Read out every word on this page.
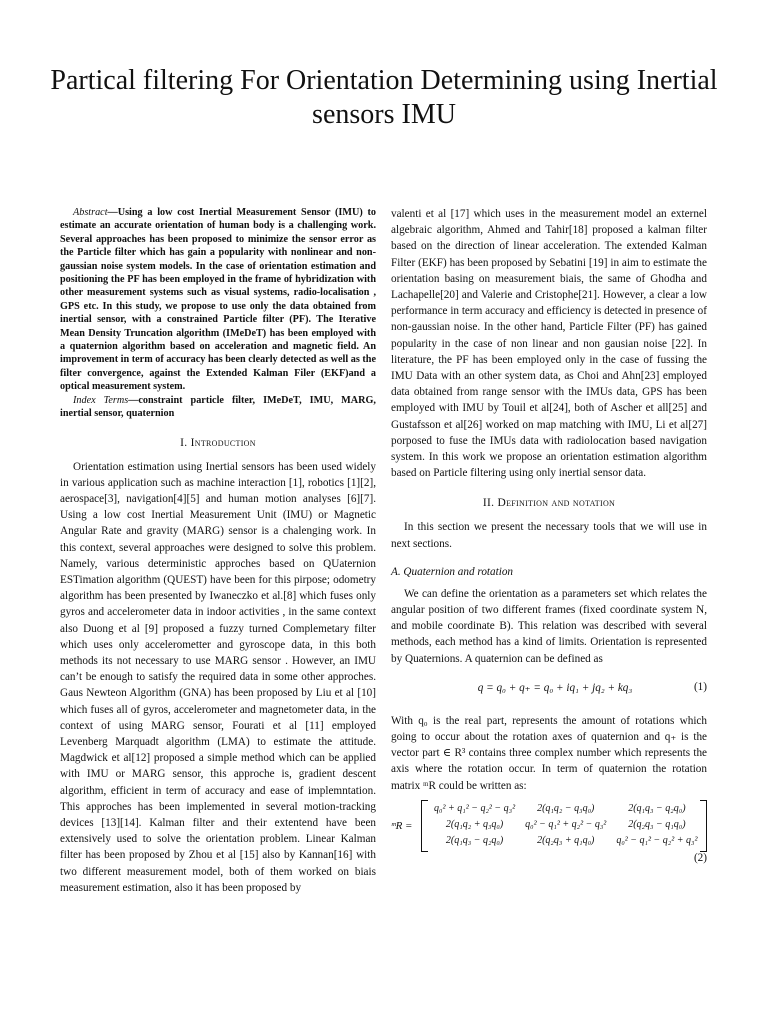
Partical filtering For Orientation Determining using Inertial sensors IMU

Abstract—Using a low cost Inertial Measurement Sensor (IMU) to estimate an accurate orientation of human body is a challenging work. Several approaches has been proposed to minimize the sensor error as the Particle filter which has gain a popularity with nonlinear and non-gaussian noise system models. In the case of orientation estimation and positioning the PF has been employed in the frame of hybridization with other measurement systems such as visual systems, radio-localisation , GPS etc. In this study, we propose to use only the data obtained from inertial sensor, with a constrained Particle filter (PF). The Iterative Mean Density Truncation algorithm (IMeDeT) has been employed with a quaternion algorithm based on acceleration and magnetic field. An improvement in term of accuracy has been clearly detected as well as the filter convergence, against the Extended Kalman Filer (EKF)and a optical measurement system.

Index Terms—constraint particle filter, IMeDeT, IMU, MARG, inertial sensor, quaternion

I. Introduction

Orientation estimation using Inertial sensors has been used widely in various application such as machine interaction [1], robotics [1][2], aerospace[3], navigation[4][5] and human motion analyses [6][7]. Using a low cost Inertial Measurement Unit (IMU) or Magnetic Angular Rate and gravity (MARG) sensor is a chalenging work. In this context, several approaches were designed to solve this problem. Namely, various deterministic approches based on QUaternion ESTimation algorithm (QUEST) have been for this pirpose; odometry algorithm has been presented by Iwaneczko et al.[8] which fuses only gyros and accelerometer data in indoor activities , in the same context also Duong et al [9] proposed a fuzzy turned Complemetary filter which uses only accelerometter and gyroscope data, in this both methods its not necessary to use MARG sensor . However, an IMU can’t be enough to satisfy the required data in some other approches. Gaus Newteon Algorithm (GNA) has been proposed by Liu et al [10] which fuses all of gyros, accelerometer and magnetometer data, in the context of using MARG sensor, Fourati et al [11] employed Levenberg Marquadt algorithm (LMA) to estimate the attitude. Magdwick et al[12] proposed a simple method which can be applied with IMU or MARG sensor, this approche is, gradient descent algorithm, efficient in term of accuracy and ease of implemntation. This approches has been implemented in several motion-tracking devices [13][14]. Kalman filter and their extentend have been extensively used to solve the orientation problem. Linear Kalman filter has been proposed by Zhou et al [15] also by Kannan[16] with two different measurement model, both of them worked on biais measurement estimation, also it has been proposed by

valenti et al [17] which uses in the measurement model an externel algebraic algorithm, Ahmed and Tahir[18] proposed a kalman filter based on the direction of linear acceleration. The extended Kalman Filter (EKF) has been proposed by Sebatini [19] in aim to estimate the orientation basing on measurement biais, the same of Ghodha and Lachapelle[20] and Valerie and Cristophe[21]. However, a clear a low performance in term accuracy and efficiency is detected in presence of non-gaussian noise. In the other hand, Particle Filter (PF) has gained popularity in the case of non linear and non gausian noise [22]. In literature, the PF has been employed only in the case of fussing the IMU Data with an other system data, as Choi and Ahn[23] employed data obtained from range sensor with the IMUs data, GPS has been employed with IMU by Touil et al[24], both of Ascher et all[25] and Gustafsson et al[26] worked on map matching with IMU, Li et al[27] porposed to fuse the IMUs data with radiolocation based navigation system. In this work we propose an orientation estimation algorithm based on Particle filtering using only inertial sensor data.

II. Definition and notation

In this section we present the necessary tools that we will use in next sections.

A. Quaternion and rotation

We can define the orientation as a parameters set which relates the angular position of two different frames (fixed coordinate system N, and mobile coordinate B). This relation was described with several methods, each method has a kind of limits. Orientation is represented by Quaternions. A quaternion can be defined as

q = q₀ + q₊ = q₀ + iq₁ + jq₂ + kq₃	(1)

With q₀ is the real part, represents the amount of rotations which going to occur about the rotation axes of quaternion and q₊ is the vector part ∈ R³ contains three complex number which represents the axis where the rotation occur. In term of quaternion the rotation matrix ᵐR could be written as:

ᵐR =
q₀² + q₁² − q₂² − q₃²	2(q₁q₂ − q₃q₀)	2(q₁q₃ − q₂q₀)
2(q₁q₂ + q₃q₀)	q₀² − q₁² + q₂² − q₃²	2(q₂q₃ − q₁q₀)
2(q₁q₃ − q₂q₀)	2(q₂q₃ + q₁q₀)	q₀² − q₁² − q₂² + q₃²
(2)
